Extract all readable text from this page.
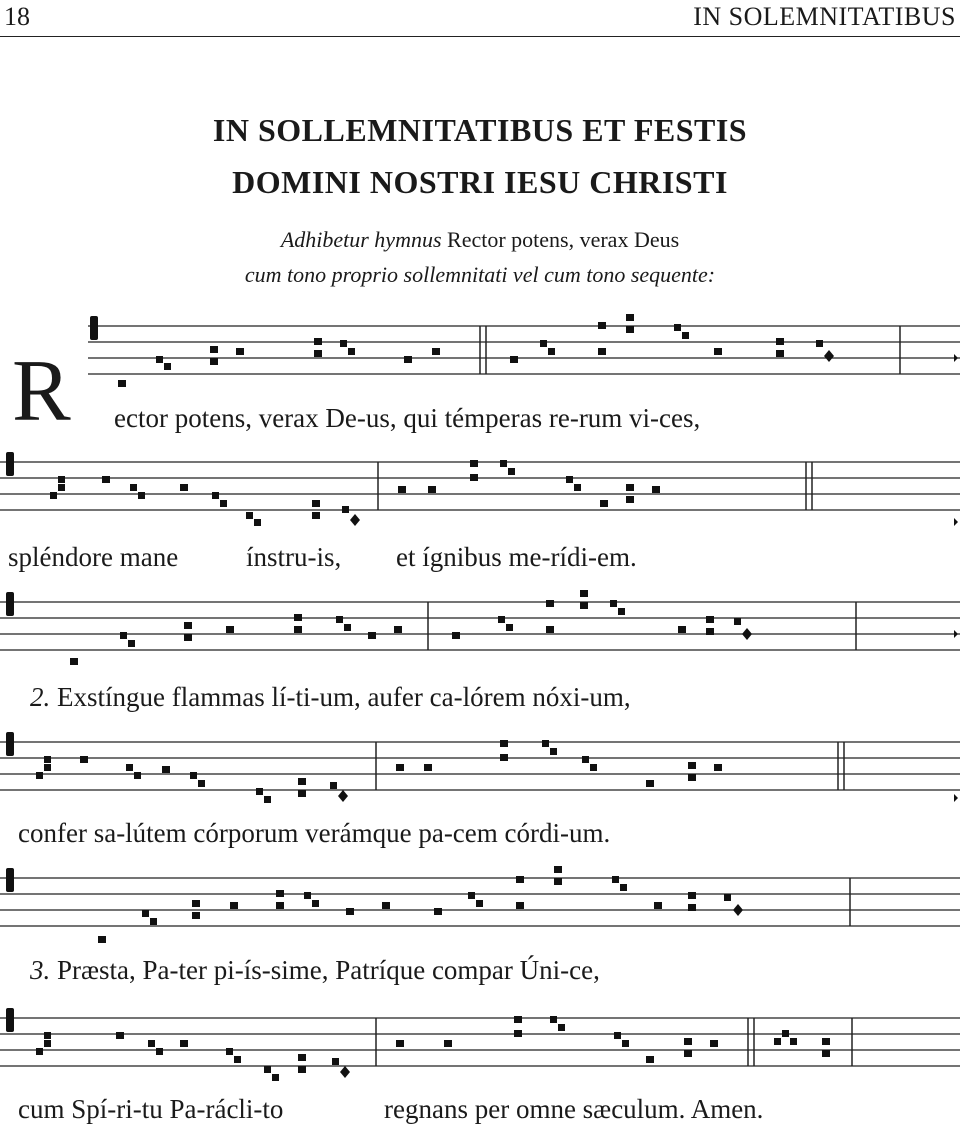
18	IN SOLEMNITATIBUS
IN SOLLEMNITATIBUS ET FESTIS
DOMINI NOSTRI IESU CHRISTI
Adhibetur hymnus Rector potens, verax Deus
cum tono proprio sollemnitati vel cum tono sequente:
R ector potens, verax De-us, qui témperas re-rum vi-ces,
spléndore mane	ínstru-is, et ígnibus me-rídi-em.
2. Exstíngue flammas lí-ti-um, aufer ca-lórem nóxi-um,
confer sa-lútem córporum verámque pa-cem córdi-um.
3. Præsta, Pa-ter pi-ís-sime, Patríque compar Úni-ce,
cum Spí-ri-tu Pa-rácli-to	regnans per omne sæculum. Amen.
